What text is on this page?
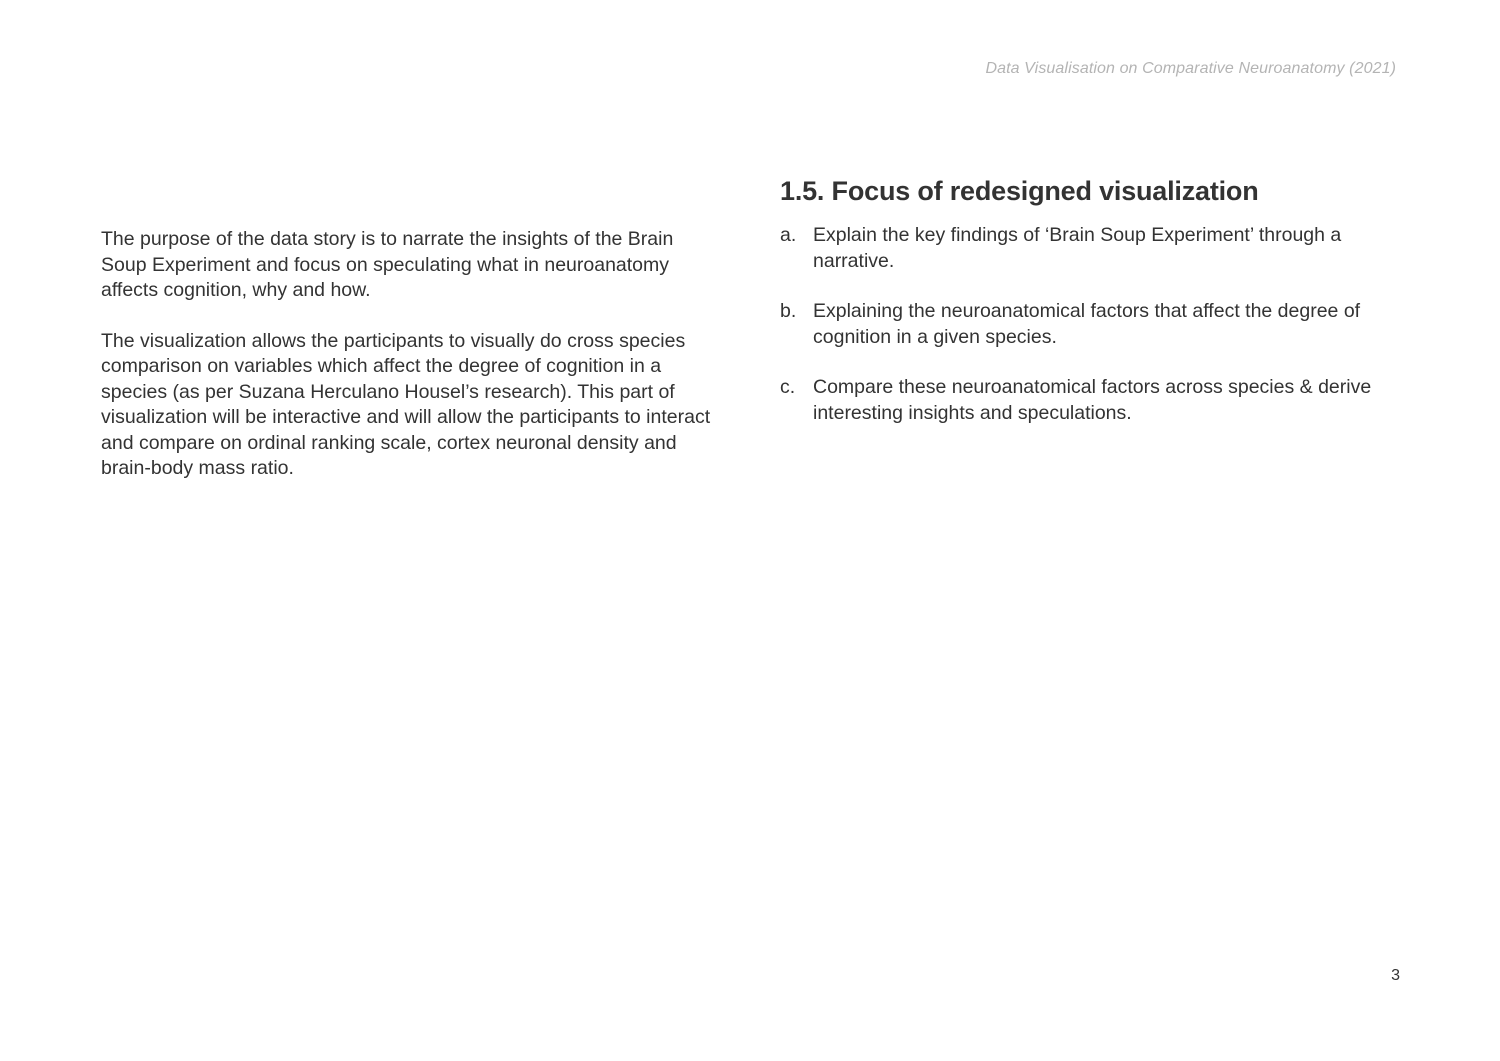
Data Visualisation on Comparative Neuroanatomy (2021)

The purpose of the data story is to narrate the insights of the Brain Soup Experiment and focus on speculating what in neuroanatomy affects cognition, why and how.

The visualization allows the participants to visually do cross species comparison on variables which affect the degree of cognition in a species (as per Suzana Herculano Housel’s research). This part of visualization will be interactive and will allow the participants to interact and compare on ordinal ranking scale, cortex neuronal density and brain-body mass ratio.

1.5. Focus of redesigned visualization
a. Explain the key findings of ‘Brain Soup Experiment’ through a narrative.
b. Explaining the neuroanatomical factors that affect the degree of cognition in a given species.
c. Compare these neuroanatomical factors across species & derive interesting insights and speculations.
3
